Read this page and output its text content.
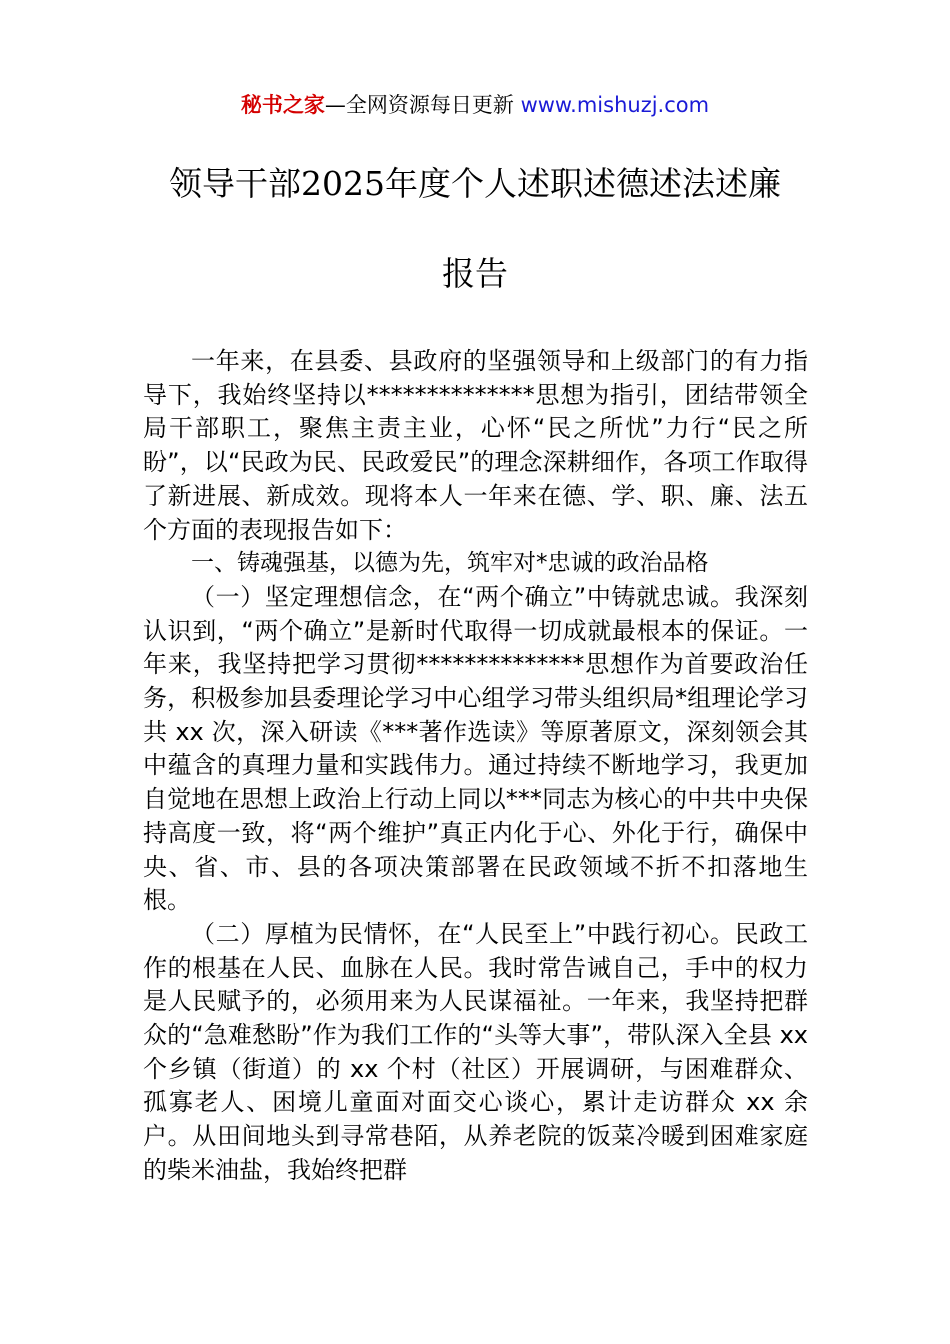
秘书之家—全网资源每日更新 www.mishuzj.com
领导干部2025年度个人述职述德述法述廉
报告

一年来，在县委、县政府的坚强领导和上级部门的有力指导下，我始终坚持以**************思想为指引，团结带领全局干部职工，聚焦主责主业，心怀“民之所忧”力行“民之所盼”，以“民政为民、民政爱民”的理念深耕细作，各项工作取得了新进展、新成效。现将本人一年来在德、学、职、廉、法五个方面的表现报告如下：

一、铸魂强基，以德为先，筑牢对*忠诚的政治品格

（一）坚定理想信念，在“两个确立”中铸就忠诚。我深刻认识到，“两个确立”是新时代取得一切成就最根本的保证。一年来，我坚持把学习贯彻**************思想作为首要政治任务，积极参加县委理论学习中心组学习带头组织局*组理论学习共 xx 次，深入研读《***著作选读》等原著原文，深刻领会其中蕴含的真理力量和实践伟力。通过持续不断地学习，我更加自觉地在思想上政治上行动上同以***同志为核心的中共中央保持高度一致，将“两个维护”真正内化于心、外化于行，确保中央、省、市、县的各项决策部署在民政领域不折不扣落地生根。

（二）厚植为民情怀，在“人民至上”中践行初心。民政工作的根基在人民、血脉在人民。我时常告诫自己，手中的权力是人民赋予的，必须用来为人民谋福祉。一年来，我坚持把群众的“急难愁盼”作为我们工作的“头等大事”，带队深入全县 xx 个乡镇（街道）的 xx 个村（社区）开展调研，与困难群众、孤寡老人、困境儿童面对面交心谈心，累计走访群众 xx 余户。从田间地头到寻常巷陌，从养老院的饭菜冷暖到困难家庭的柴米油盐，我始终把群
